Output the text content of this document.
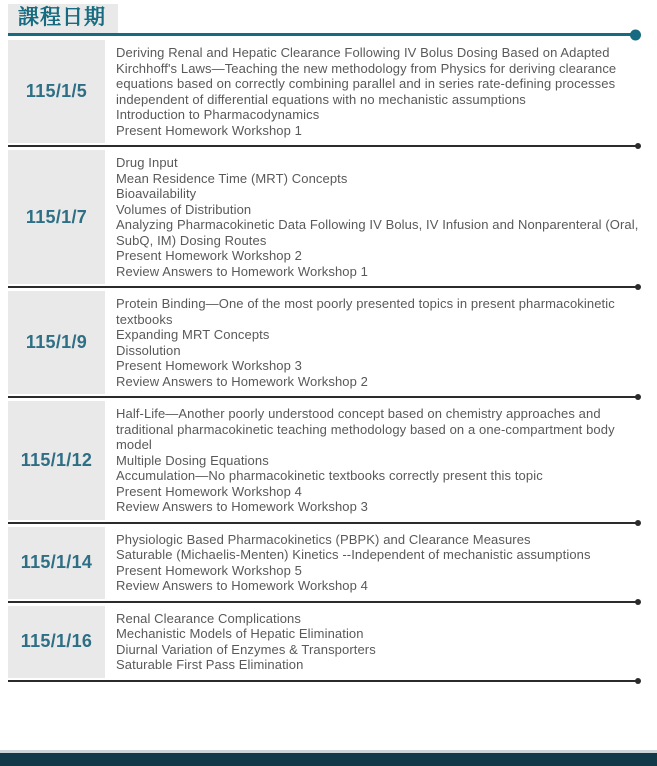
課程日期
115/1/5
Deriving Renal and Hepatic Clearance Following IV Bolus Dosing Based on Adapted Kirchhoff's Laws—Teaching the new methodology from Physics for deriving clearance equations based on correctly combining parallel and in series rate-defining processes independent of differential equations with no mechanistic assumptions
Introduction to Pharmacodynamics
Present Homework Workshop 1
115/1/7
Drug Input
Mean Residence Time (MRT) Concepts
Bioavailability
Volumes of Distribution
Analyzing Pharmacokinetic Data Following IV Bolus, IV Infusion and Nonparenteral (Oral, SubQ, IM) Dosing Routes
Present Homework Workshop 2
Review Answers to Homework Workshop 1
115/1/9
Protein Binding—One of the most poorly presented topics in present pharmacokinetic textbooks
Expanding MRT Concepts
Dissolution
Present Homework Workshop 3
Review Answers to Homework Workshop 2
115/1/12
Half-Life—Another poorly understood concept based on chemistry approaches and traditional pharmacokinetic teaching methodology based on a one-compartment body model
Multiple Dosing Equations
Accumulation—No pharmacokinetic textbooks correctly present this topic
Present Homework Workshop 4
Review Answers to Homework Workshop 3
115/1/14
Physiologic Based Pharmacokinetics (PBPK) and Clearance Measures
Saturable (Michaelis-Menten) Kinetics --Independent of mechanistic assumptions
Present Homework Workshop 5
Review Answers to Homework Workshop 4
115/1/16
Renal Clearance Complications
Mechanistic Models of Hepatic Elimination
Diurnal Variation of Enzymes & Transporters
Saturable First Pass Elimination
